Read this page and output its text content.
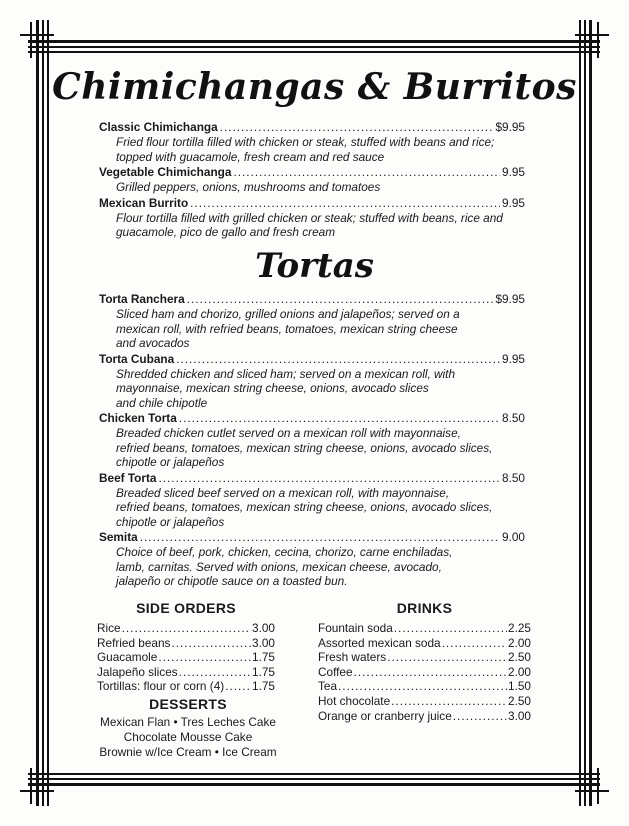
Chimichangas & Burritos
Classic Chimichanga .....	$9.95

Fried flour tortilla filled with chicken or steak, stuffed with beans and rice;
topped with guacamole, fresh cream and red sauce

Vegetable Chimichanga .....	9.95

Grilled peppers, onions, mushrooms and tomatoes

Mexican Burrito .....	9.95

Flour tortilla filled with grilled chicken or steak; stuffed with beans, rice and
guacamole, pico de gallo and fresh cream

Tortas
Torta Ranchera .....	$9.95

Sliced ham and chorizo, grilled onions and jalapeños; served on a
mexican roll, with refried beans, tomatoes, mexican string cheese
and avocados

Torta Cubana .....	9.95

Shredded chicken and sliced ham; served on a mexican roll, with
mayonnaise, mexican string cheese, onions, avocado slices
and chile chipotle

Chicken Torta .....	8.50

Breaded chicken cutlet served on a mexican roll with mayonnaise,
refried beans, tomatoes, mexican string cheese, onions, avocado slices,
chipotle or jalapeños

Beef Torta .....	8.50

Breaded sliced beef served on a mexican roll, with mayonnaise,
refried beans, tomatoes, mexican string cheese, onions, avocado slices,
chipotle or jalapeños

Semita .....	9.00

Choice of beef, pork, chicken, cecina, chorizo, carne enchiladas,
lamb, carnitas. Served with onions, mexican cheese, avocado,
jalapeño or chipotle sauce on a toasted bun.

SIDE ORDERS
Rice .....	3.00
Refried beans .....	3.00
Guacamole .....	1.75
Jalapeño slices .....	1.75
Tortillas: flour or corn (4) ..... 1.75
DRINKS
Fountain soda .....	2.25
Assorted mexican soda .....	2.00
Fresh waters .....	2.50
Coffee .....	2.00
Tea .....	1.50
Hot chocolate .....	2.50
Orange or cranberry juice .....	3.00
DESSERTS
Mexican Flan • Tres Leches Cake
Chocolate Mousse Cake
Brownie w/Ice Cream • Ice Cream
